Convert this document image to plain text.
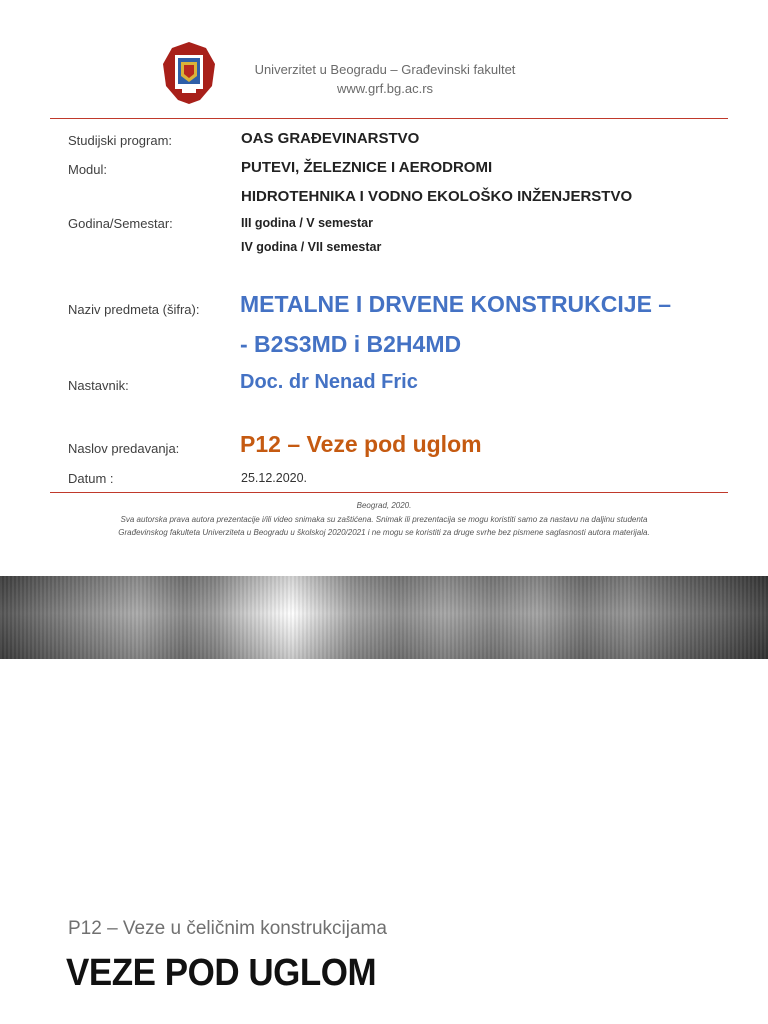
Univerzitet u Beogradu – Građevinski fakultet
www.grf.bg.ac.rs
Studijski program:	OAS GRAĐEVINARSTVO
Modul:	PUTEVI, ŽELEZNICE I AERODROMI
HIDROTEHNIKA I VODNO EKOLOŠKO INŽENJERSTVO
Godina/Semestar:	III godina / V semestar
IV godina / VII semestar
Naziv predmeta (šifra): METALNE I DRVENE KONSTRUKCIJE –
- B2S3MD i B2H4MD
Nastavnik:	Doc. dr Nenad Fric
Naslov predavanja:	P12 – Veze pod uglom
Datum :	25.12.2020.
Beograd, 2020.
Sva autorska prava autora prezentacije i/ili video snimaka su zaštićena. Snimak ili prezentacija se mogu koristiti samo za nastavu na daljinu studenta
Građevinskog fakulteta Univerziteta u Beogradu u školskoj 2020/2021 i ne mogu se koristiti za druge svrhe bez pismene saglasnosti autora materijala.
P12 – Veze u čeličnim konstrukcijama
VEZE POD UGLOM
